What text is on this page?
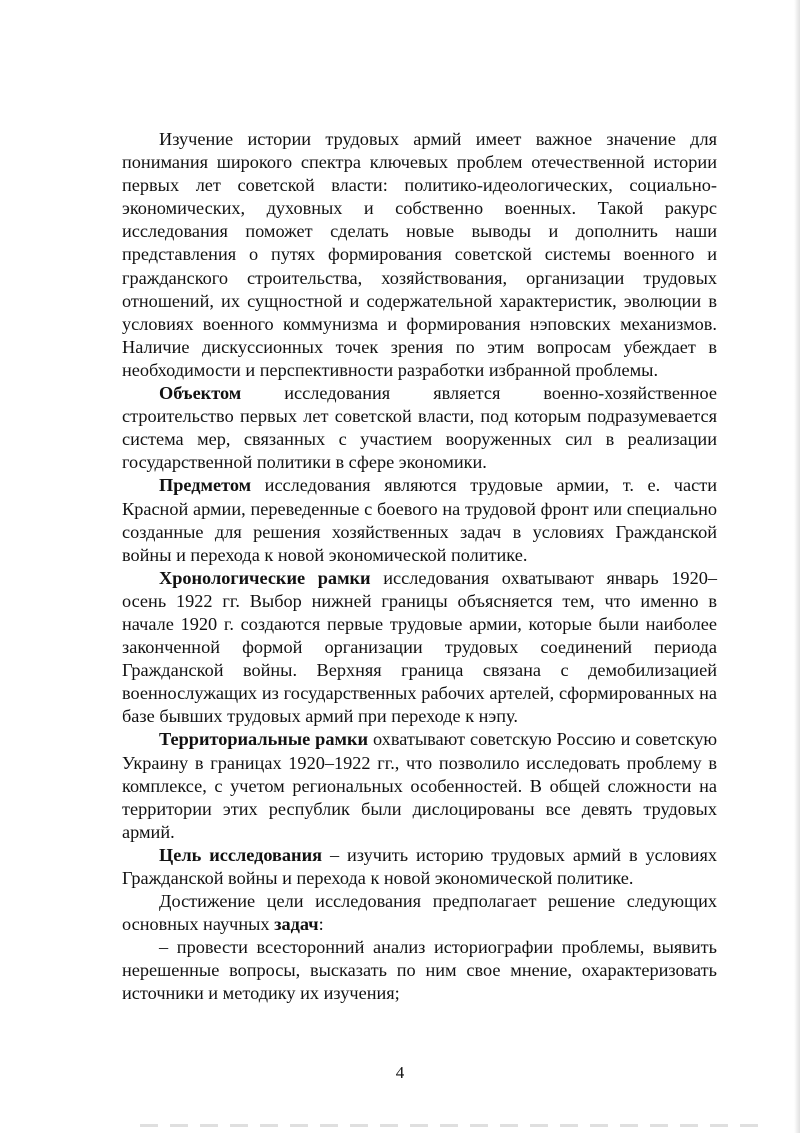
Изучение истории трудовых армий имеет важное значение для понимания широкого спектра ключевых проблем отечественной истории первых лет советской власти: политико-идеологических, социально-экономических, духовных и собственно военных. Такой ракурс исследования поможет сделать новые выводы и дополнить наши представления о путях формирования советской системы военного и гражданского строительства, хозяйствования, организации трудовых отношений, их сущностной и содержательной характеристик, эволюции в условиях военного коммунизма и формирования нэповских механизмов. Наличие дискуссионных точек зрения по этим вопросам убеждает в необходимости и перспективности разработки избранной проблемы.

Объектом исследования является военно-хозяйственное строительство первых лет советской власти, под которым подразумевается система мер, связанных с участием вооруженных сил в реализации государственной политики в сфере экономики.

Предметом исследования являются трудовые армии, т. е. части Красной армии, переведенные с боевого на трудовой фронт или специально созданные для решения хозяйственных задач в условиях Гражданской войны и перехода к новой экономической политике.

Хронологические рамки исследования охватывают январь 1920–осень 1922 гг. Выбор нижней границы объясняется тем, что именно в начале 1920 г. создаются первые трудовые армии, которые были наиболее законченной формой организации трудовых соединений периода Гражданской войны. Верхняя граница связана с демобилизацией военнослужащих из государственных рабочих артелей, сформированных на базе бывших трудовых армий при переходе к нэпу.

Территориальные рамки охватывают советскую Россию и советскую Украину в границах 1920–1922 гг., что позволило исследовать проблему в комплексе, с учетом региональных особенностей. В общей сложности на территории этих республик были дислоцированы все девять трудовых армий.

Цель исследования – изучить историю трудовых армий в условиях Гражданской войны и перехода к новой экономической политике.

Достижение цели исследования предполагает решение следующих основных научных задач:

– провести всесторонний анализ историографии проблемы, выявить нерешенные вопросы, высказать по ним свое мнение, охарактеризовать источники и методику их изучения;

4
